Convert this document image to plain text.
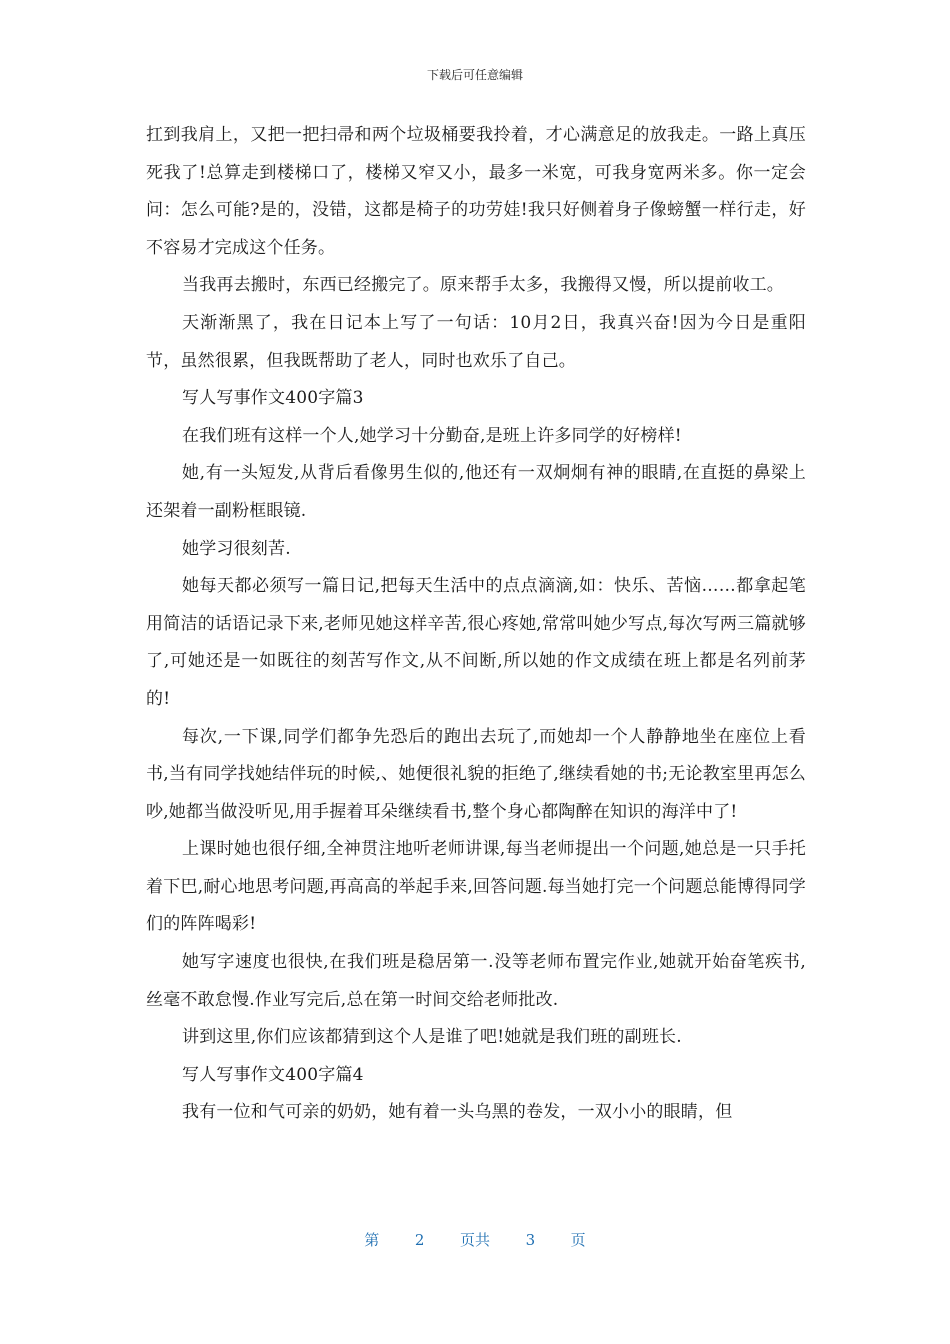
下载后可任意编辑

扛到我肩上，又把一把扫帚和两个垃圾桶要我拎着，才心满意足的放我走。一路上真压死我了!总算走到楼梯口了，楼梯又窄又小，最多一米宽，可我身宽两米多。你一定会问：怎么可能?是的，没错，这都是椅子的功劳娃!我只好侧着身子像螃蟹一样行走，好不容易才完成这个任务。

当我再去搬时，东西已经搬完了。原来帮手太多，我搬得又慢，所以提前收工。

天渐渐黑了，我在日记本上写了一句话：10月2日，我真兴奋!因为今日是重阳节，虽然很累，但我既帮助了老人，同时也欢乐了自己。

写人写事作文400字篇3

在我们班有这样一个人,她学习十分勤奋,是班上许多同学的好榜样!

她,有一头短发,从背后看像男生似的,他还有一双炯炯有神的眼睛,在直挺的鼻梁上还架着一副粉框眼镜.

她学习很刻苦.

她每天都必须写一篇日记,把每天生活中的点点滴滴,如：快乐、苦恼……都拿起笔用简洁的话语记录下来,老师见她这样辛苦,很心疼她,常常叫她少写点,每次写两三篇就够了,可她还是一如既往的刻苦写作文,从不间断,所以她的作文成绩在班上都是名列前茅的!

每次,一下课,同学们都争先恐后的跑出去玩了,而她却一个人静静地坐在座位上看书,当有同学找她结伴玩的时候,、她便很礼貌的拒绝了,继续看她的书;无论教室里再怎么吵,她都当做没听见,用手握着耳朵继续看书,整个身心都陶醉在知识的海洋中了!

上课时她也很仔细,全神贯注地听老师讲课,每当老师提出一个问题,她总是一只手托着下巴,耐心地思考问题,再高高的举起手来,回答问题.每当她打完一个问题总能博得同学们的阵阵喝彩!

她写字速度也很快,在我们班是稳居第一.没等老师布置完作业,她就开始奋笔疾书,丝毫不敢怠慢.作业写完后,总在第一时间交给老师批改.

讲到这里,你们应该都猜到这个人是谁了吧!她就是我们班的副班长.

写人写事作文400字篇4

我有一位和气可亲的奶奶，她有着一头乌黑的卷发，一双小小的眼睛，但

第 2 页共 3 页
